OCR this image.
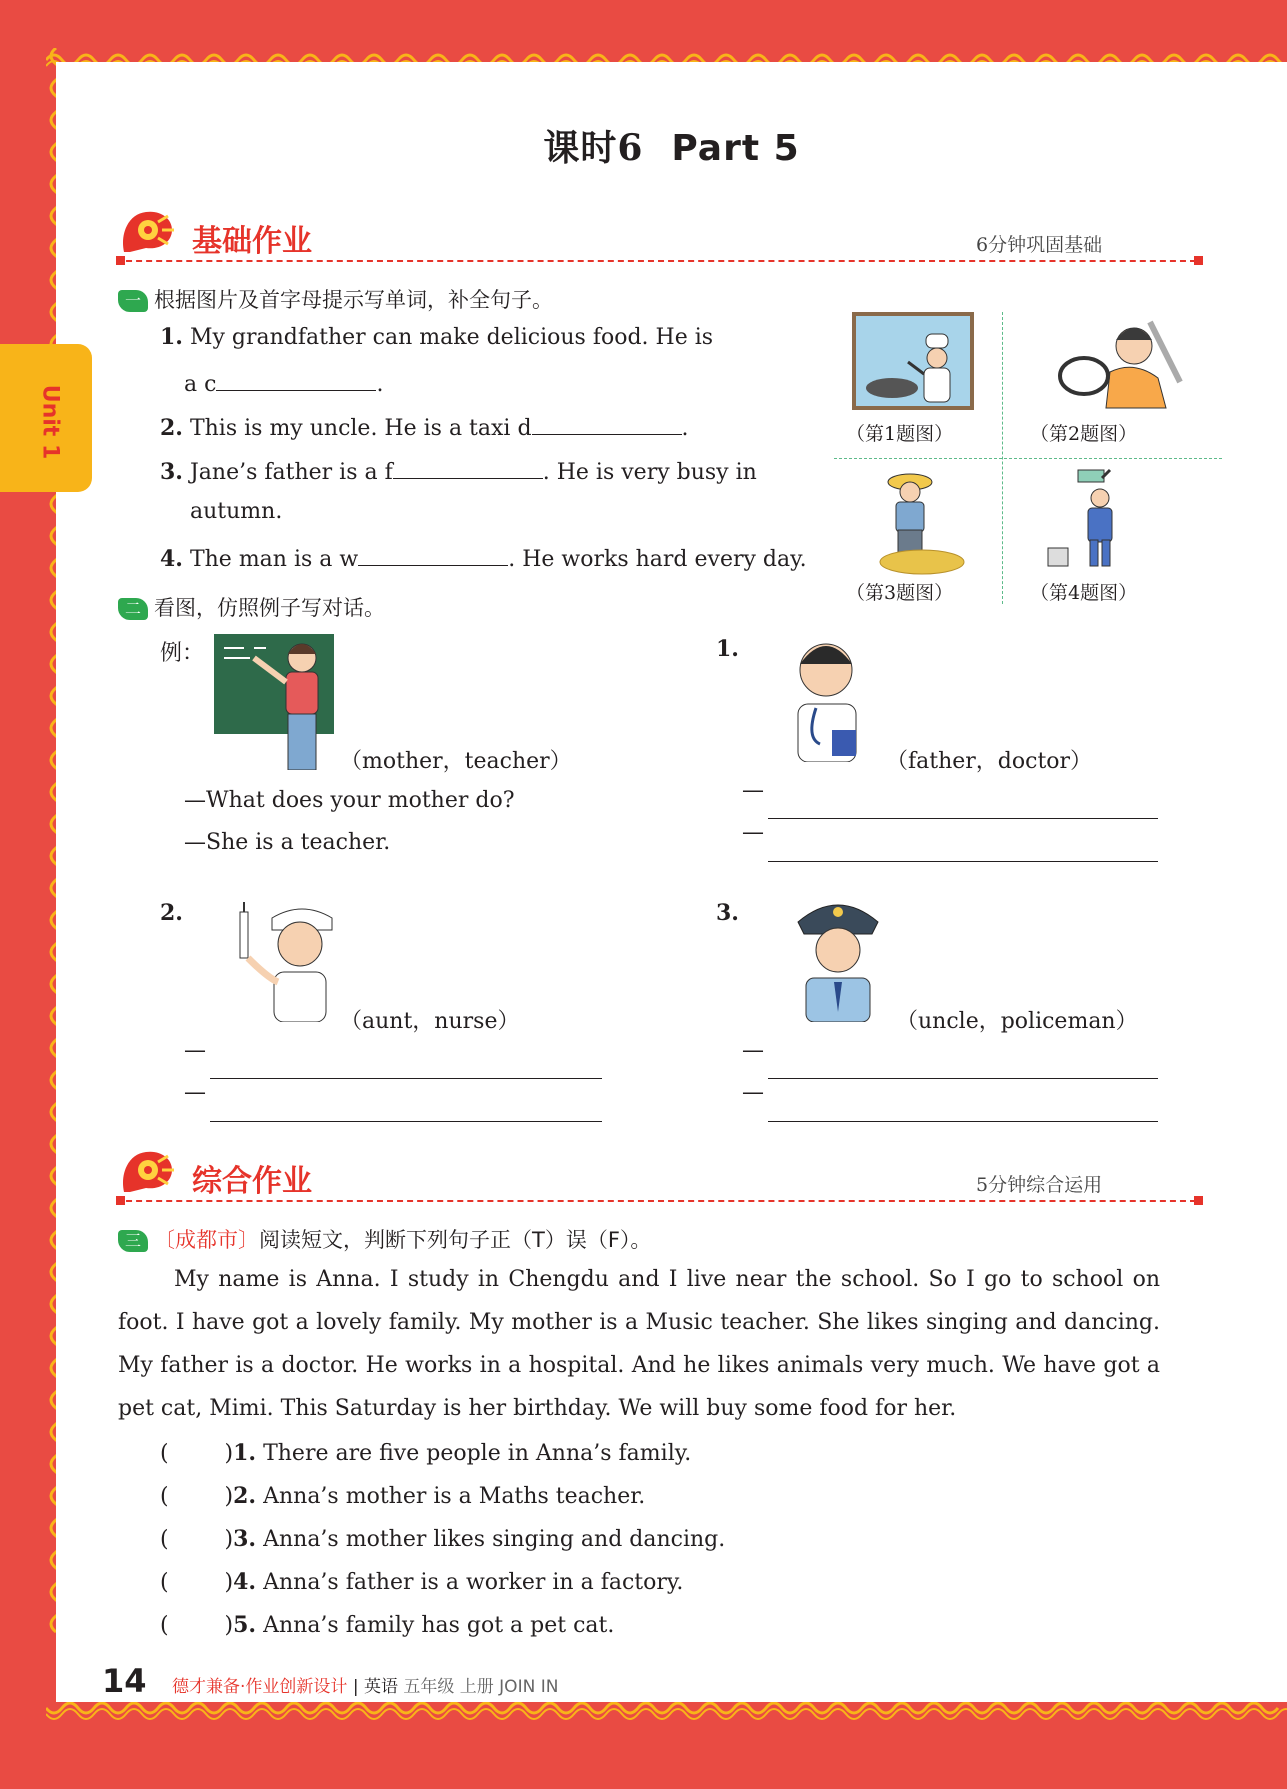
课时6 Part 5
基础作业	6分钟巩固基础
一 根据图片及首字母提示写单词，补全句子。
1. My grandfather can make delicious food. He is
a c	.
2. This is my uncle. He is a taxi d	.
3. Jane’s father is a f	. He is very busy in
autumn.
4. The man is a w	. He works hard every day.
（第1题图）	（第2题图）
（第3题图）	（第4题图）
二 看图，仿照例子写对话。
例：
（mother，teacher）
—What does your mother do?
—She is a teacher.
1.
（father，doctor）
—
—
2.
（aunt，nurse）
—
—
3.
（uncle，policeman）
—
—
综合作业	5分钟综合运用
三 〔成都市〕阅读短文，判断下列句子正（T）误（F）。
My name is Anna. I study in Chengdu and I live near the school. So I go to school on foot. I have got a lovely family. My mother is a Music teacher. She likes singing and dancing. My father is a doctor. He works in a hospital. And he likes animals very much. We have got a pet cat, Mimi. This Saturday is her birthday. We will buy some food for her.
(        )1. There are five people in Anna’s family.
(        )2. Anna’s mother is a Maths teacher.
(        )3. Anna’s mother likes singing and dancing.
(        )4. Anna’s father is a worker in a factory.
(        )5. Anna’s family has got a pet cat.
14 德才兼备·作业创新设计 | 英语 五年级 上册 JOIN IN
Unit 1
